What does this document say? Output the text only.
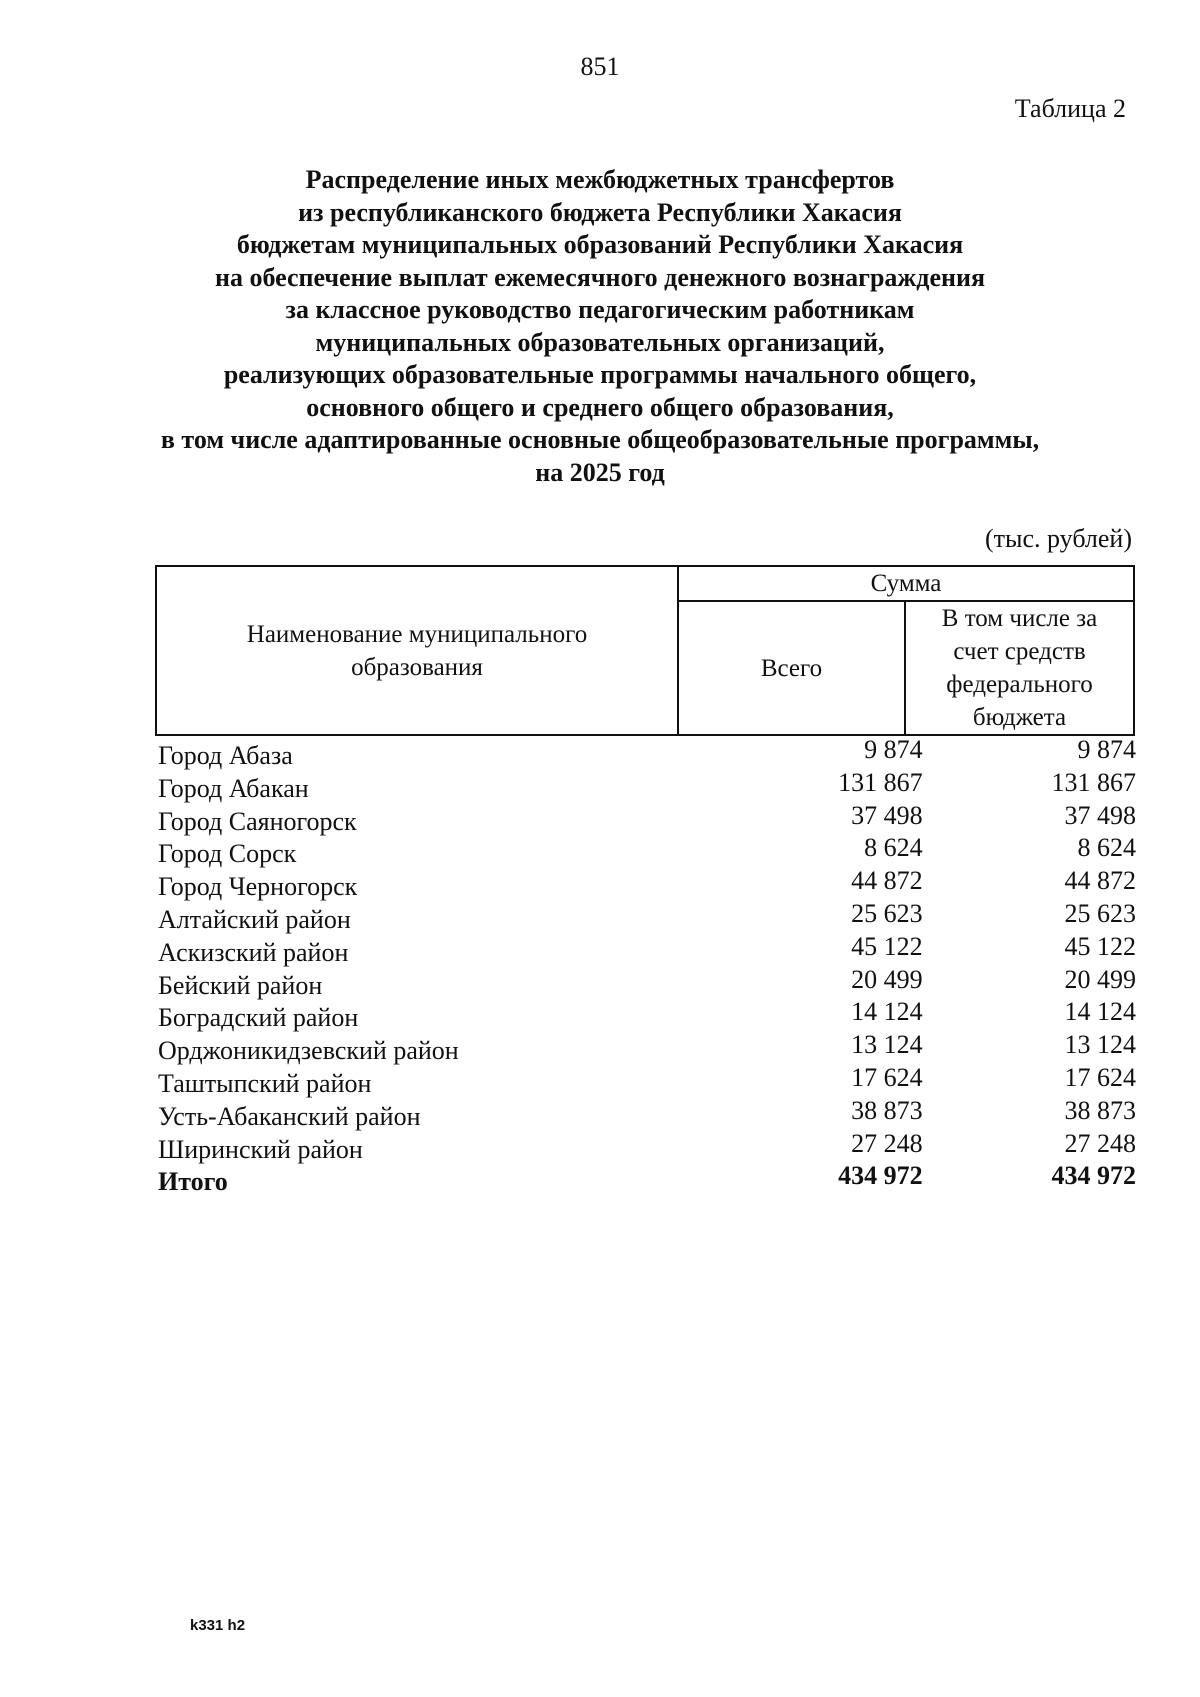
851
Таблица 2
Распределение иных межбюджетных трансфертов
из республиканского бюджета Республики Хакасия
бюджетам муниципальных образований Республики Хакасия
на обеспечение выплат ежемесячного денежного вознаграждения
за классное руководство педагогическим работникам
муниципальных образовательных организаций,
реализующих образовательные программы начального общего,
основного общего и среднего общего образования,
в том числе адаптированные основные общеобразовательные программы,
на 2025 год
(тыс. рублей)
Наименование муниципального образования	Сумма	
	Всего	В том числе за счет средств федерального бюджета
Город Абаза	9 874	9 874
Город Абакан	131 867	131 867
Город Саяногорск	37 498	37 498
Город Сорск	8 624	8 624
Город Черногорск	44 872	44 872
Алтайский район	25 623	25 623
Аскизский район	45 122	45 122
Бейский район	20 499	20 499
Боградский район	14 124	14 124
Орджоникидзевский район	13 124	13 124
Таштыпский район	17 624	17 624
Усть-Абаканский район	38 873	38 873
Ширинский район	27 248	27 248
Итого	434 972	434 972
k331 h2
